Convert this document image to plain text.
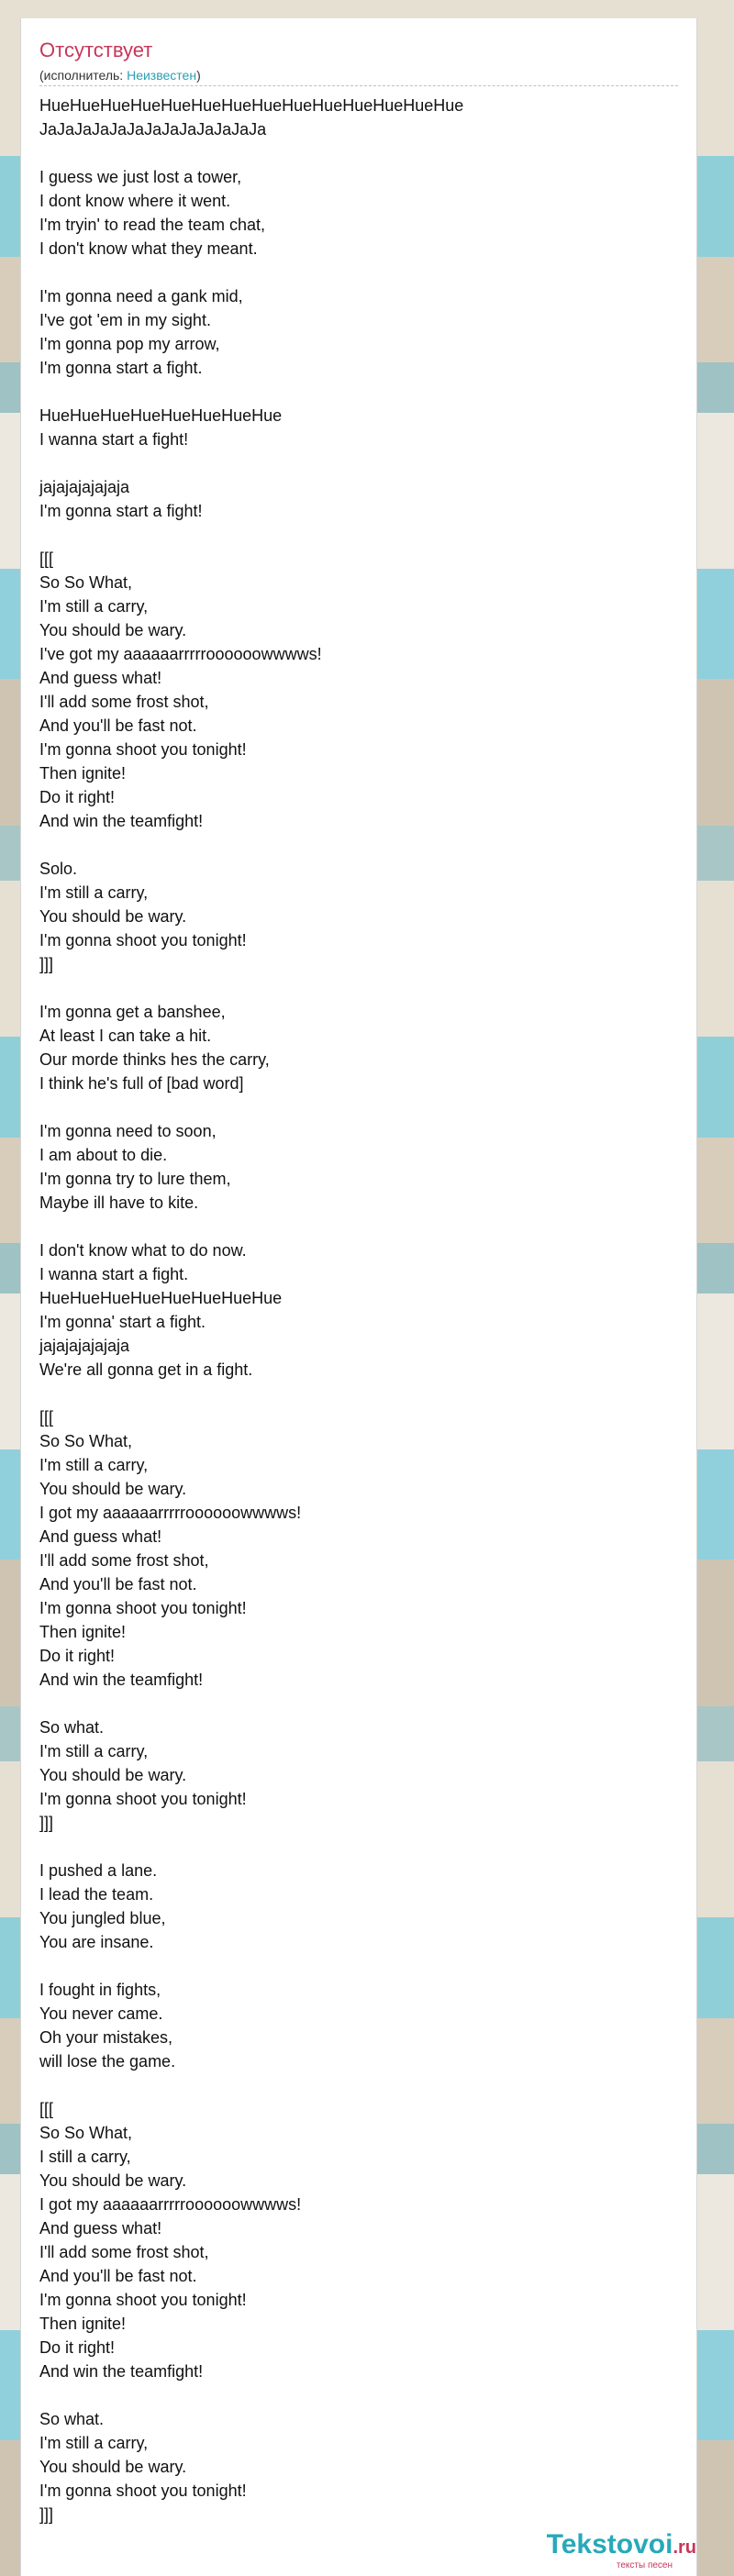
Отсутствует
(исполнитель: Неизвестен)
HueHueHueHueHueHueHueHueHueHueHueHueHueHue
JaJaJaJaJaJaJaJaJaJaJaJaJa
I guess we just lost a tower,
I dont know where it went.
I'm tryin' to read the team chat,
I don't know what they meant.
I'm gonna need a gank mid,
I've got 'em in my sight.
I'm gonna pop my arrow,
I'm gonna start a fight.
HueHueHueHueHueHueHueHue
I wanna start a fight!
jajajajajajaja
I'm gonna start a fight!
[[[
So So What,
I'm still a carry,
You should be wary.
I've got my aaaaaarrrrroooooowwwws!
And guess what!
I'll add some frost shot,
And you'll be fast not.
I'm gonna shoot you tonight!
Then ignite!
Do it right!
And win the teamfight!
Solo.
I'm still a carry,
You should be wary.
I'm gonna shoot you tonight!
]]]
I'm gonna get a banshee,
At least I can take a hit.
Our morde thinks hes the carry,
I think he's full of [bad word]
I'm gonna need to soon,
I am about to die.
I'm gonna try to lure them,
Maybe ill have to kite.
I don't know what to do now.
I wanna start a fight.
HueHueHueHueHueHueHueHue
I'm gonna' start a fight.
jajajajajajaja
We're all gonna get in a fight.
[[[
So So What,
I'm still a carry,
You should be wary.
I got my aaaaaarrrrroooooowwwws!
And guess what!
I'll add some frost shot,
And you'll be fast not.
I'm gonna shoot you tonight!
Then ignite!
Do it right!
And win the teamfight!
So what.
I'm still a carry,
You should be wary.
I'm gonna shoot you tonight!
]]]
I pushed a lane.
I lead the team.
You jungled blue,
You are insane.
I fought in fights,
You never came.
Oh your mistakes,
will lose the game.
[[[
So So What,
I still a carry,
You should be wary.
I got my aaaaaarrrrroooooowwwws!
And guess what!
I'll add some frost shot,
And you'll be fast not.
I'm gonna shoot you tonight!
Then ignite!
Do it right!
And win the teamfight!
So what.
I'm still a carry,
You should be wary.
I'm gonna shoot you tonight!
]]]
Tekstovoi.ru
тексты песен
